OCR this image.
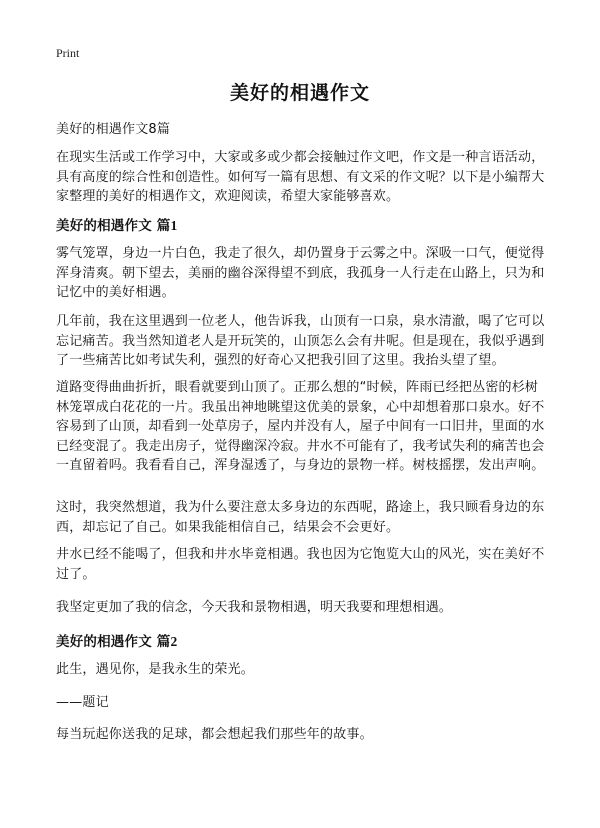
Print
美好的相遇作文
美好的相遇作文8篇
在现实生活或工作学习中，大家或多或少都会接触过作文吧，作文是一种言语活动，具有高度的综合性和创造性。如何写一篇有思想、有文采的作文呢？以下是小编帮大家整理的美好的相遇作文，欢迎阅读，希望大家能够喜欢。
美好的相遇作文 篇1
雾气笼罩，身边一片白色，我走了很久，却仍置身于云雾之中。深吸一口气，便觉得浑身清爽。朝下望去，美丽的幽谷深得望不到底，我孤身一人行走在山路上，只为和记忆中的美好相遇。
几年前，我在这里遇到一位老人，他告诉我，山顶有一口泉，泉水清澈，喝了它可以忘记痛苦。我当然知道老人是开玩笑的，山顶怎么会有井呢。但是现在，我似乎遇到了一些痛苦比如考试失利，强烈的好奇心又把我引回了这里。我抬头望了望。
道路变得曲曲折折，眼看就要到山顶了。正那么想的“时候，阵雨已经把丛密的杉树林笼罩成白花花的一片。我虽出神地眺望这优美的景象，心中却想着那口泉水。好不容易到了山顶，却看到一处草房子，屋内并没有人，屋子中间有一口旧井，里面的水已经变混了。我走出房子，觉得幽深冷寂。井水不可能有了，我考试失利的痛苦也会一直留着吗。我看看自己，浑身湿透了，与身边的景物一样。树枝摇摆，发出声响。
这时，我突然想道，我为什么要注意太多身边的东西呢，路途上，我只顾看身边的东西，却忘记了自己。如果我能相信自己，结果会不会更好。
井水已经不能喝了，但我和井水毕竟相遇。我也因为它饱览大山的风光，实在美好不过了。
我坚定更加了我的信念，今天我和景物相遇，明天我要和理想相遇。
美好的相遇作文 篇2
此生，遇见你，是我永生的荣光。
——题记
每当玩起你送我的足球，都会想起我们那些年的故事。
